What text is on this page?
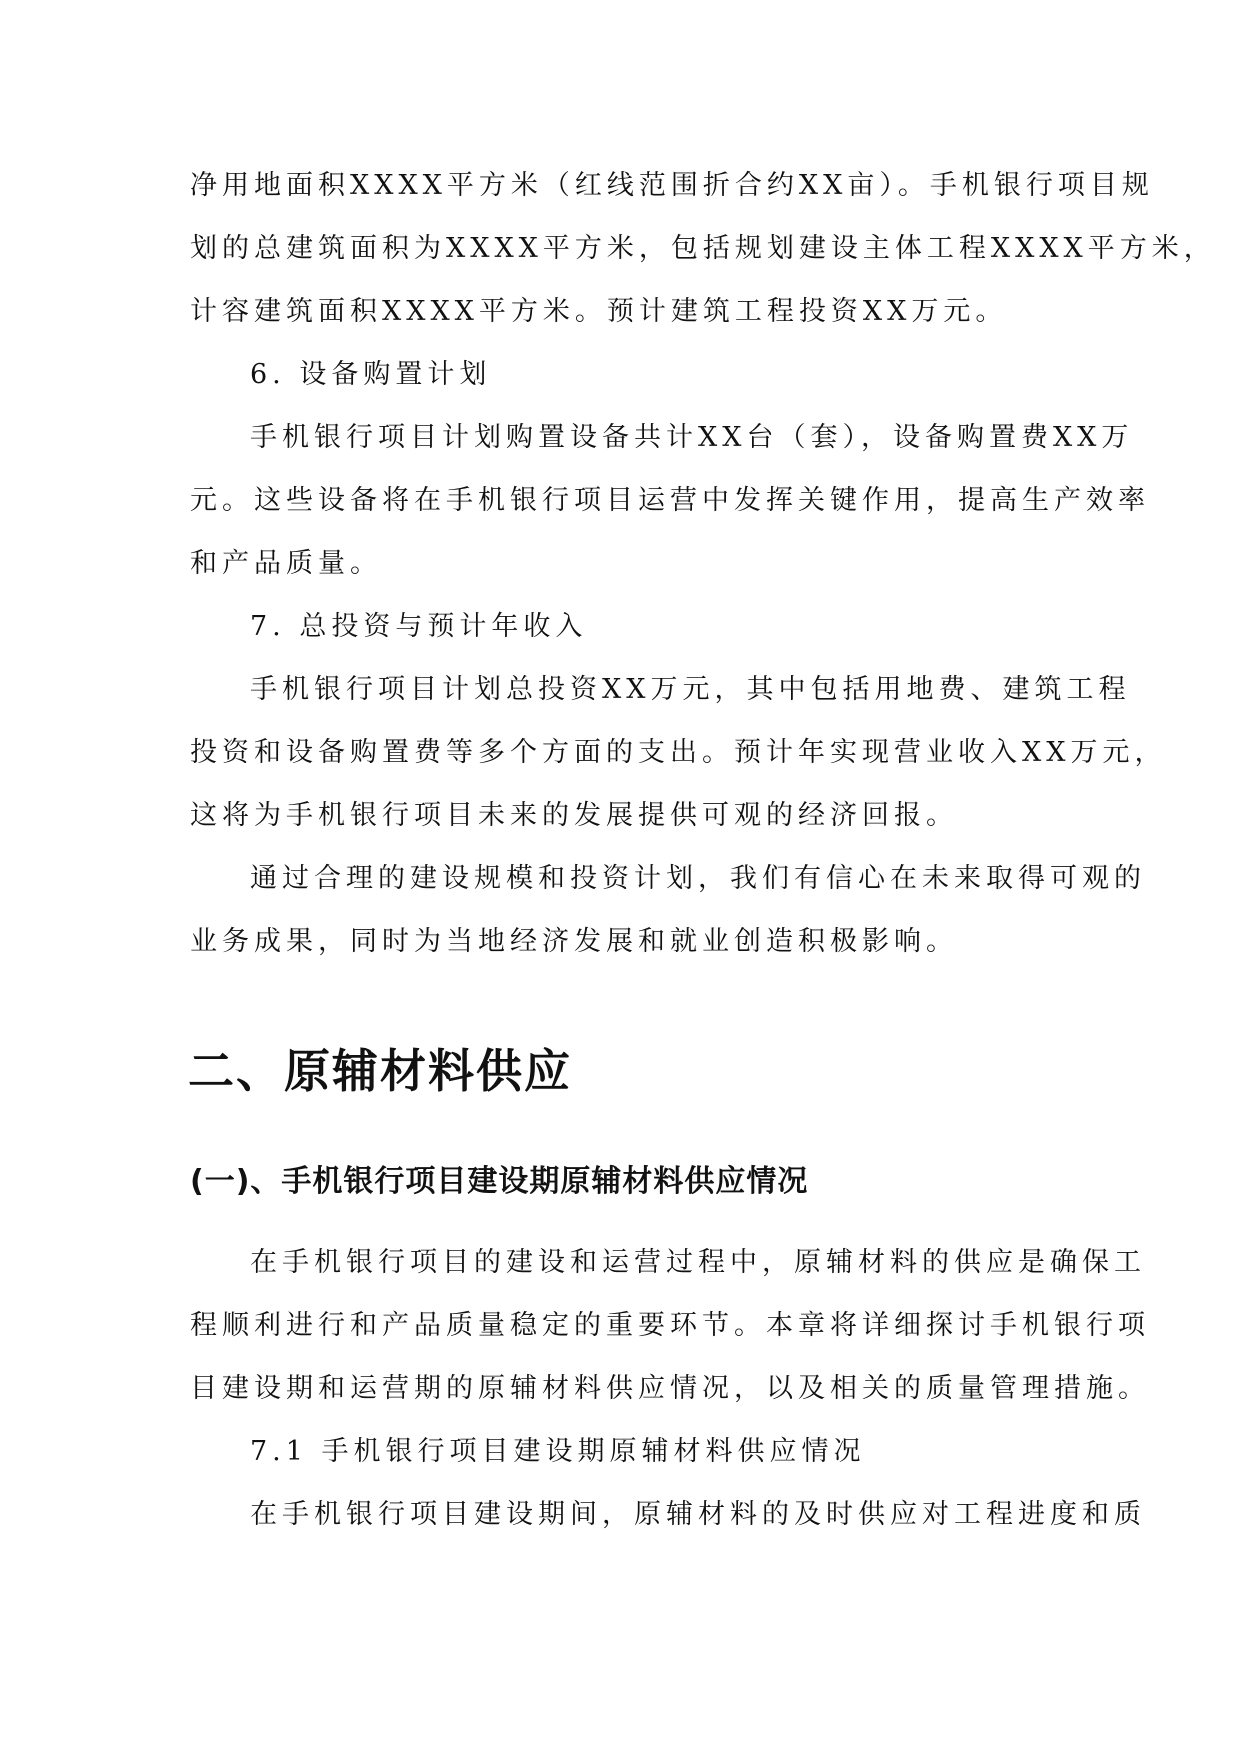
净用地面积XXXX平方米（红线范围折合约XX亩）。手机银行项目规
划的总建筑面积为XXXX平方米，包括规划建设主体工程XXXX平方米，
计容建筑面积XXXX平方米。预计建筑工程投资XX万元。
6. 设备购置计划
手机银行项目计划购置设备共计XX台（套），设备购置费XX万
元。这些设备将在手机银行项目运营中发挥关键作用，提高生产效率
和产品质量。
7. 总投资与预计年收入
手机银行项目计划总投资XX万元，其中包括用地费、建筑工程
投资和设备购置费等多个方面的支出。预计年实现营业收入XX万元，
这将为手机银行项目未来的发展提供可观的经济回报。
通过合理的建设规模和投资计划，我们有信心在未来取得可观的
业务成果，同时为当地经济发展和就业创造积极影响。
二、原辅材料供应
(一)、手机银行项目建设期原辅材料供应情况
在手机银行项目的建设和运营过程中，原辅材料的供应是确保工
程顺利进行和产品质量稳定的重要环节。本章将详细探讨手机银行项
目建设期和运营期的原辅材料供应情况，以及相关的质量管理措施。
7.1 手机银行项目建设期原辅材料供应情况
在手机银行项目建设期间，原辅材料的及时供应对工程进度和质
